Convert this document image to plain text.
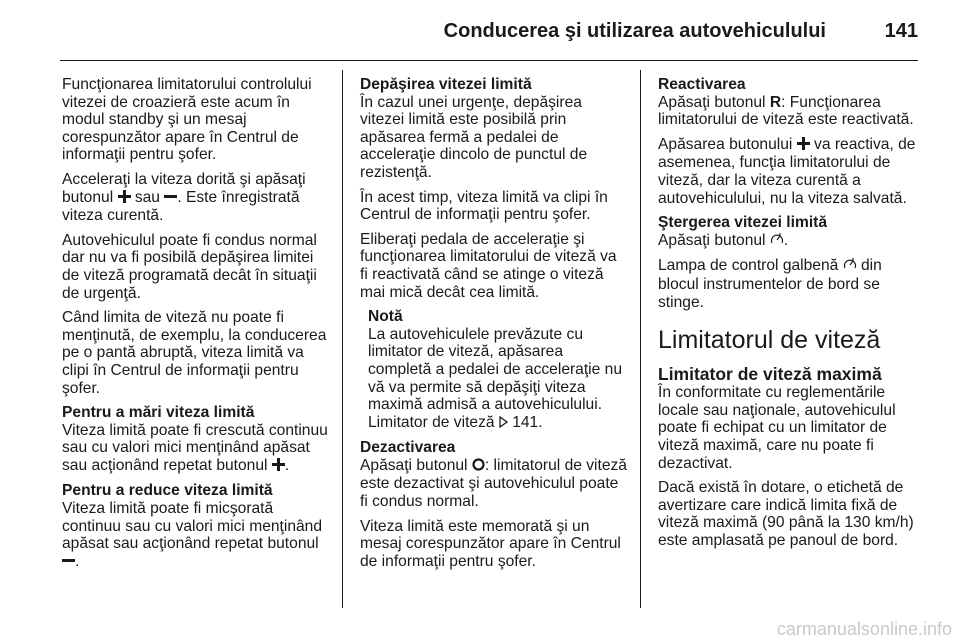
Conducerea şi utilizarea autovehiculului	141

Funcţionarea limitatorului controlului vitezei de croazieră este acum în modul standby şi un mesaj corespunzător apare în Centrul de informaţii pentru şofer.

Acceleraţi la viteza dorită şi apăsaţi butonul  sau . Este înregistrată viteza curentă.

Autovehiculul poate fi condus normal dar nu va fi posibilă depăşirea limitei de viteză programată decât în situaţii de urgenţă.

Când limita de viteză nu poate fi menţinută, de exemplu, la conducerea pe o pantă abruptă, viteza limită va clipi în Centrul de informaţii pentru şofer.

Pentru a mări viteza limită

Viteza limită poate fi crescută continuu sau cu valori mici menţinând apăsat sau acţionând repetat butonul .

Pentru a reduce viteza limită

Viteza limită poate fi micşorată continuu sau cu valori mici menţinând apăsat sau acţionând repetat butonul .

Depăşirea vitezei limită

În cazul unei urgenţe, depăşirea vitezei limită este posibilă prin apăsarea fermă a pedalei de acceleraţie dincolo de punctul de rezistenţă.

În acest timp, viteza limită va clipi în Centrul de informaţii pentru şofer.

Eliberaţi pedala de acceleraţie şi funcţionarea limitatorului de viteză va fi reactivată când se atinge o viteză mai mică decât cea limită.

Notă

La autovehiculele prevăzute cu limitator de viteză, apăsarea completă a pedalei de acceleraţie nu vă va permite să depăşiţi viteza maximă admisă a autovehiculului. Limitator de viteză  141.

Dezactivarea

Apăsaţi butonul : limitatorul de viteză este dezactivat şi autovehiculul poate fi condus normal.

Viteza limită este memorată şi un mesaj corespunzător apare în Centrul de informaţii pentru şofer.

Reactivarea

Apăsaţi butonul R: Funcţionarea limitatorului de viteză este reactivată.

Apăsarea butonului  va reactiva, de asemenea, funcţia limitatorului de viteză, dar la viteza curentă a autovehiculului, nu la viteza salvată.

Ştergerea vitezei limită

Apăsaţi butonul .

Lampa de control galbenă  din blocul instrumentelor de bord se stinge.

Limitatorul de viteză
Limitator de viteză maximă

În conformitate cu reglementările locale sau naţionale, autovehiculul poate fi echipat cu un limitator de viteză maximă, care nu poate fi dezactivat.

Dacă există în dotare, o etichetă de avertizare care indică limita fixă de viteză maximă (90 până la 130 km/h) este amplasată pe panoul de bord.

carmanualsonline.info
